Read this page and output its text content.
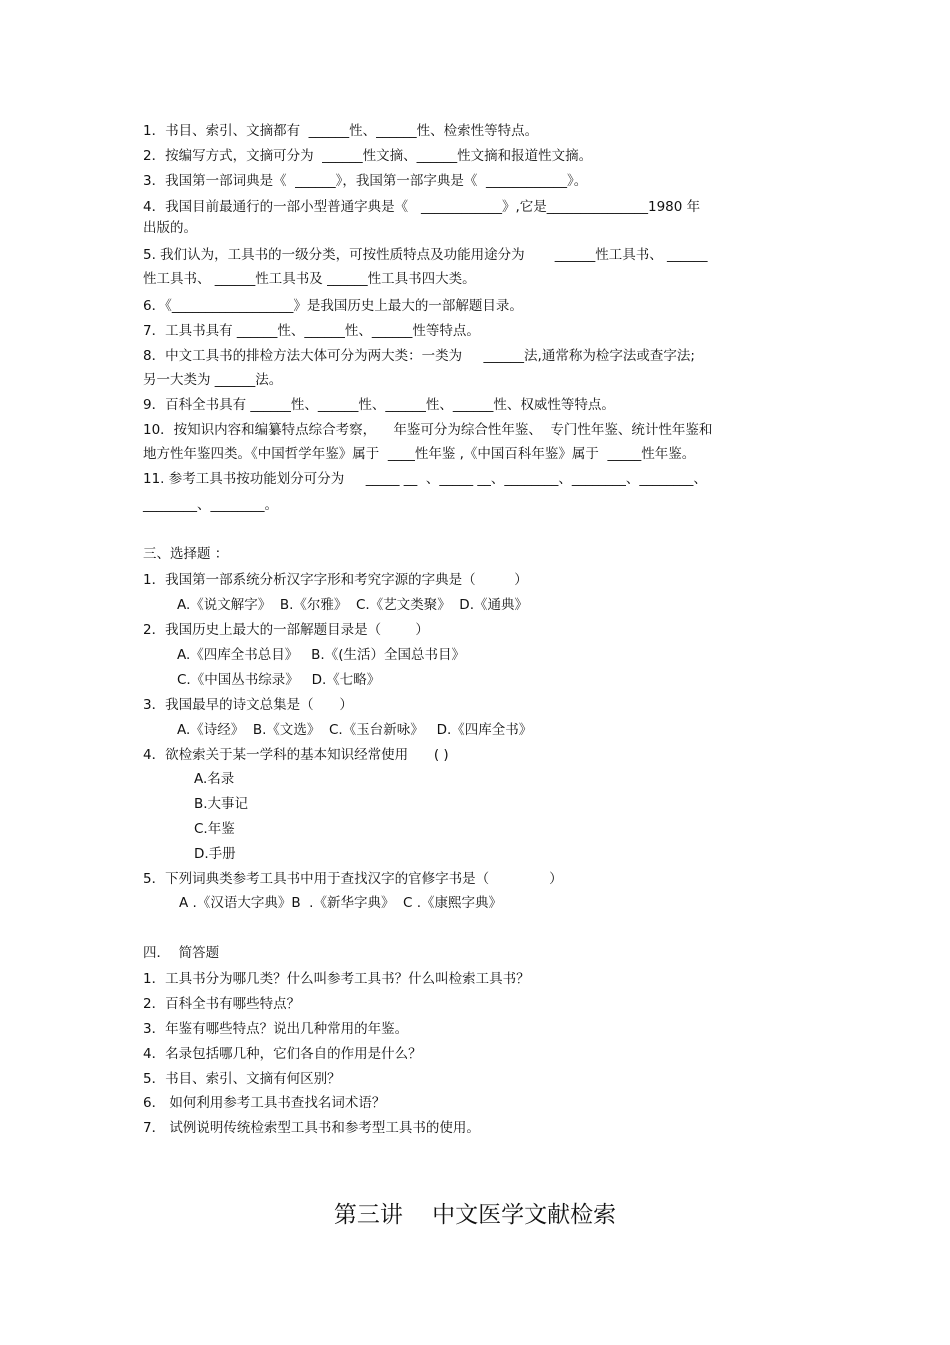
1．书目、索引、文摘都有  ______性、______性、检索性等特点。
2．按编写方式，文摘可分为  ______性文摘、______性文摘和报道性文摘。
3．我国第一部词典是《  ______》，我国第一部字典是《  ____________》。
4．我国目前最通行的一部小型普通字典是《   ____________》,它是_______________1980 年
出版的。
5. 我们认为，工具书的一级分类，可按性质特点及功能用途分为       ______性工具书、 ______
性工具书、 ______性工具书及 ______性工具书四大类。
6．《__________________》是我国历史上最大的一部解题目录。
7．工具书具有 ______性、______性、______性等特点。
8．中文工具书的排检方法大体可分为两大类：一类为     ______法,通常称为检字法或查字法;
另一大类为 ______法。
9．百科全书具有 ______性、______性、______性、______性、权威性等特点。
10．按知识内容和编纂特点综合考察，    年鉴可分为综合性年鉴、  专门性年鉴、统计性年鉴和
地方性年鉴四类。《中国哲学年鉴》属于  ____性年鉴 ,《中国百科年鉴》属于  _____性年鉴。
11. 参考工具书按功能划分可分为     _____ __  、_____ __、________、________、________、
________、________。
三、选择题 ：
1．我国第一部系统分析汉字字形和考究字源的字典是（         ）
A.《说文解字》  B.《尔雅》  C.《艺文类聚》  D.《通典》
2．我国历史上最大的一部解题目录是（        ）
A.《四库全书总目》   B.《(生活）全国总书目》
C.《中国丛书综录》   D.《七略》
3．我国最早的诗文总集是（      ）
A.《诗经》  B.《文选》  C.《玉台新咏》   D.《四库全书》
4．欲检索关于某一学科的基本知识经常使用      ( )
A.名录
B.大事记
C.年鉴
D.手册
5．下列词典类参考工具书中用于查找汉字的官修字书是（              ）
A .《汉语大字典》B  .《新华字典》  C .《康熙字典》
四．  简答题
1．工具书分为哪几类？什么叫参考工具书？什么叫检索工具书？
2．百科全书有哪些特点？
3．年鉴有哪些特点？说出几种常用的年鉴。
4．名录包括哪几种，它们各自的作用是什么？
5．书目、索引、文摘有何区别？
6． 如何利用参考工具书查找名词术语？
7． 试例说明传统检索型工具书和参考型工具书的使用。
第三讲    中文医学文献检索
